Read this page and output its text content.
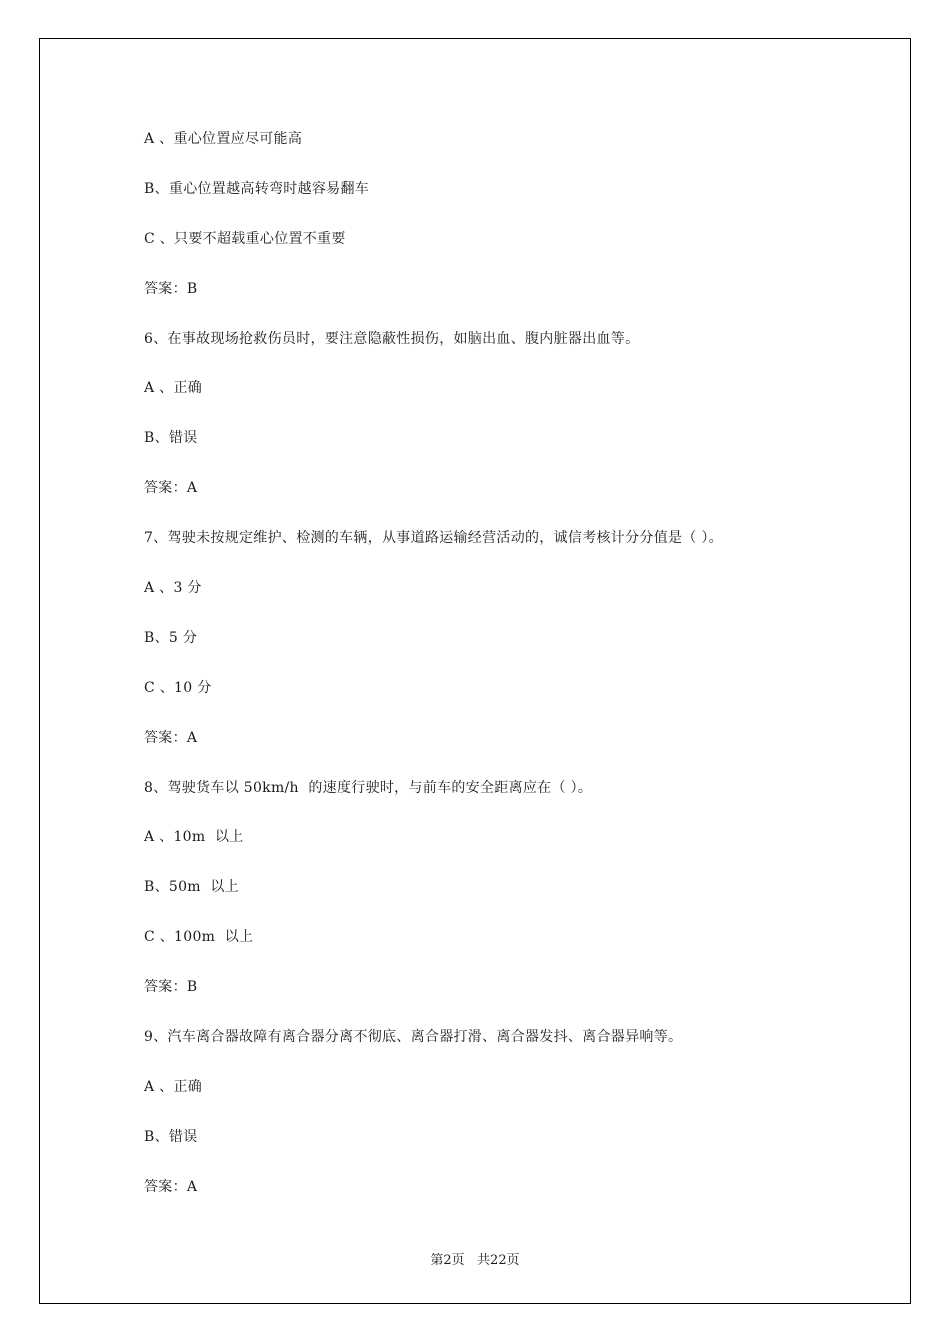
A 、重心位置应尽可能高
B、重心位置越高转弯时越容易翻车
C 、只要不超载重心位置不重要
答案：B
6、在事故现场抢救伤员时，要注意隐蔽性损伤，如脑出血、腹内脏器出血等。
A 、正确
B、错误
答案：A
7、驾驶未按规定维护、检测的车辆，从事道路运输经营活动的，诚信考核计分分值是（ ）。
A 、3 分
B、5 分
C 、10 分
答案：A
8、驾驶货车以 50km/h  的速度行驶时，与前车的安全距离应在（ ）。
A 、10m  以上
B、50m  以上
C 、100m  以上
答案：B
9、汽车离合器故障有离合器分离不彻底、离合器打滑、离合器发抖、离合器异响等。
A 、正确
B、错误
答案：A
第2页   共22页
